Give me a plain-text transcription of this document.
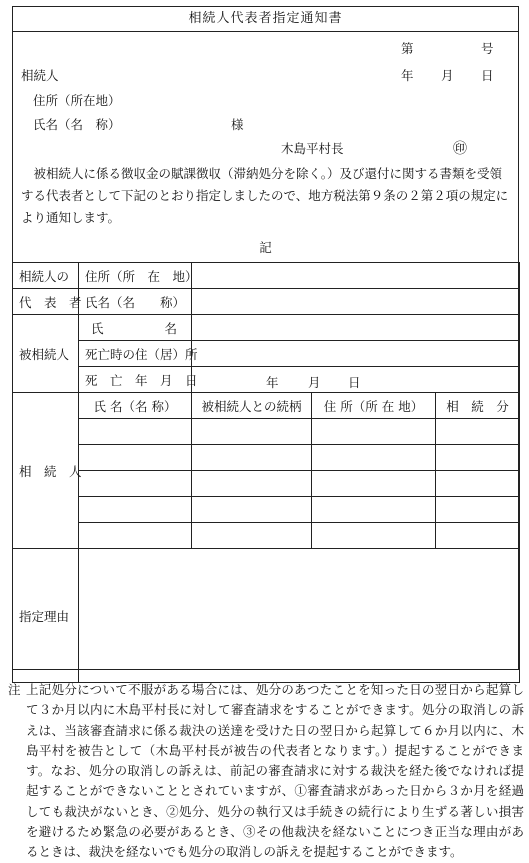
相続人代表者指定通知書
第	号
相続人	年 月 日
住所（所在地）
氏名（名　称）	様
木島平村長	㊞
被相続人に係る徴収金の賦課徴収（滞納処分を除く。）及び還付に関する書類を受領する代表者として下記のとおり指定しましたので、地方税法第９条の２第２項の規定により通知します。
記
相続人の	住所（所　在　地）			
代　表　者	氏名（名　　称）			
被相続人	氏 名			

	死亡時の住（居）所			
	死　亡　年　月　日	年 月 日		

相　続　人	氏 名（名 称）	被相続人との続柄	住 所（所 在 地）	相　続　分

指定理由				
注 上記処分について不服がある場合には、処分のあつたことを知った日の翌日から起算して３か月以内に木島平村長に対して審査請求をすることができます。処分の取消しの訴えは、当該審査請求に係る裁決の送達を受けた日の翌日から起算して６か月以内に、木島平村を被告として（木島平村長が被告の代表者となります。）提起することができます。なお、処分の取消しの訴えは、前記の審査請求に対する裁決を経た後でなければ提起することができないこととされていますが、①審査請求があった日から３か月を経過しても裁決がないとき、②処分、処分の執行又は手続きの続行により生ずる著しい損害を避けるため緊急の必要があるとき、③その他裁決を経ないことにつき正当な理由があるときは、裁決を経ないでも処分の取消しの訴えを提起することができます。
